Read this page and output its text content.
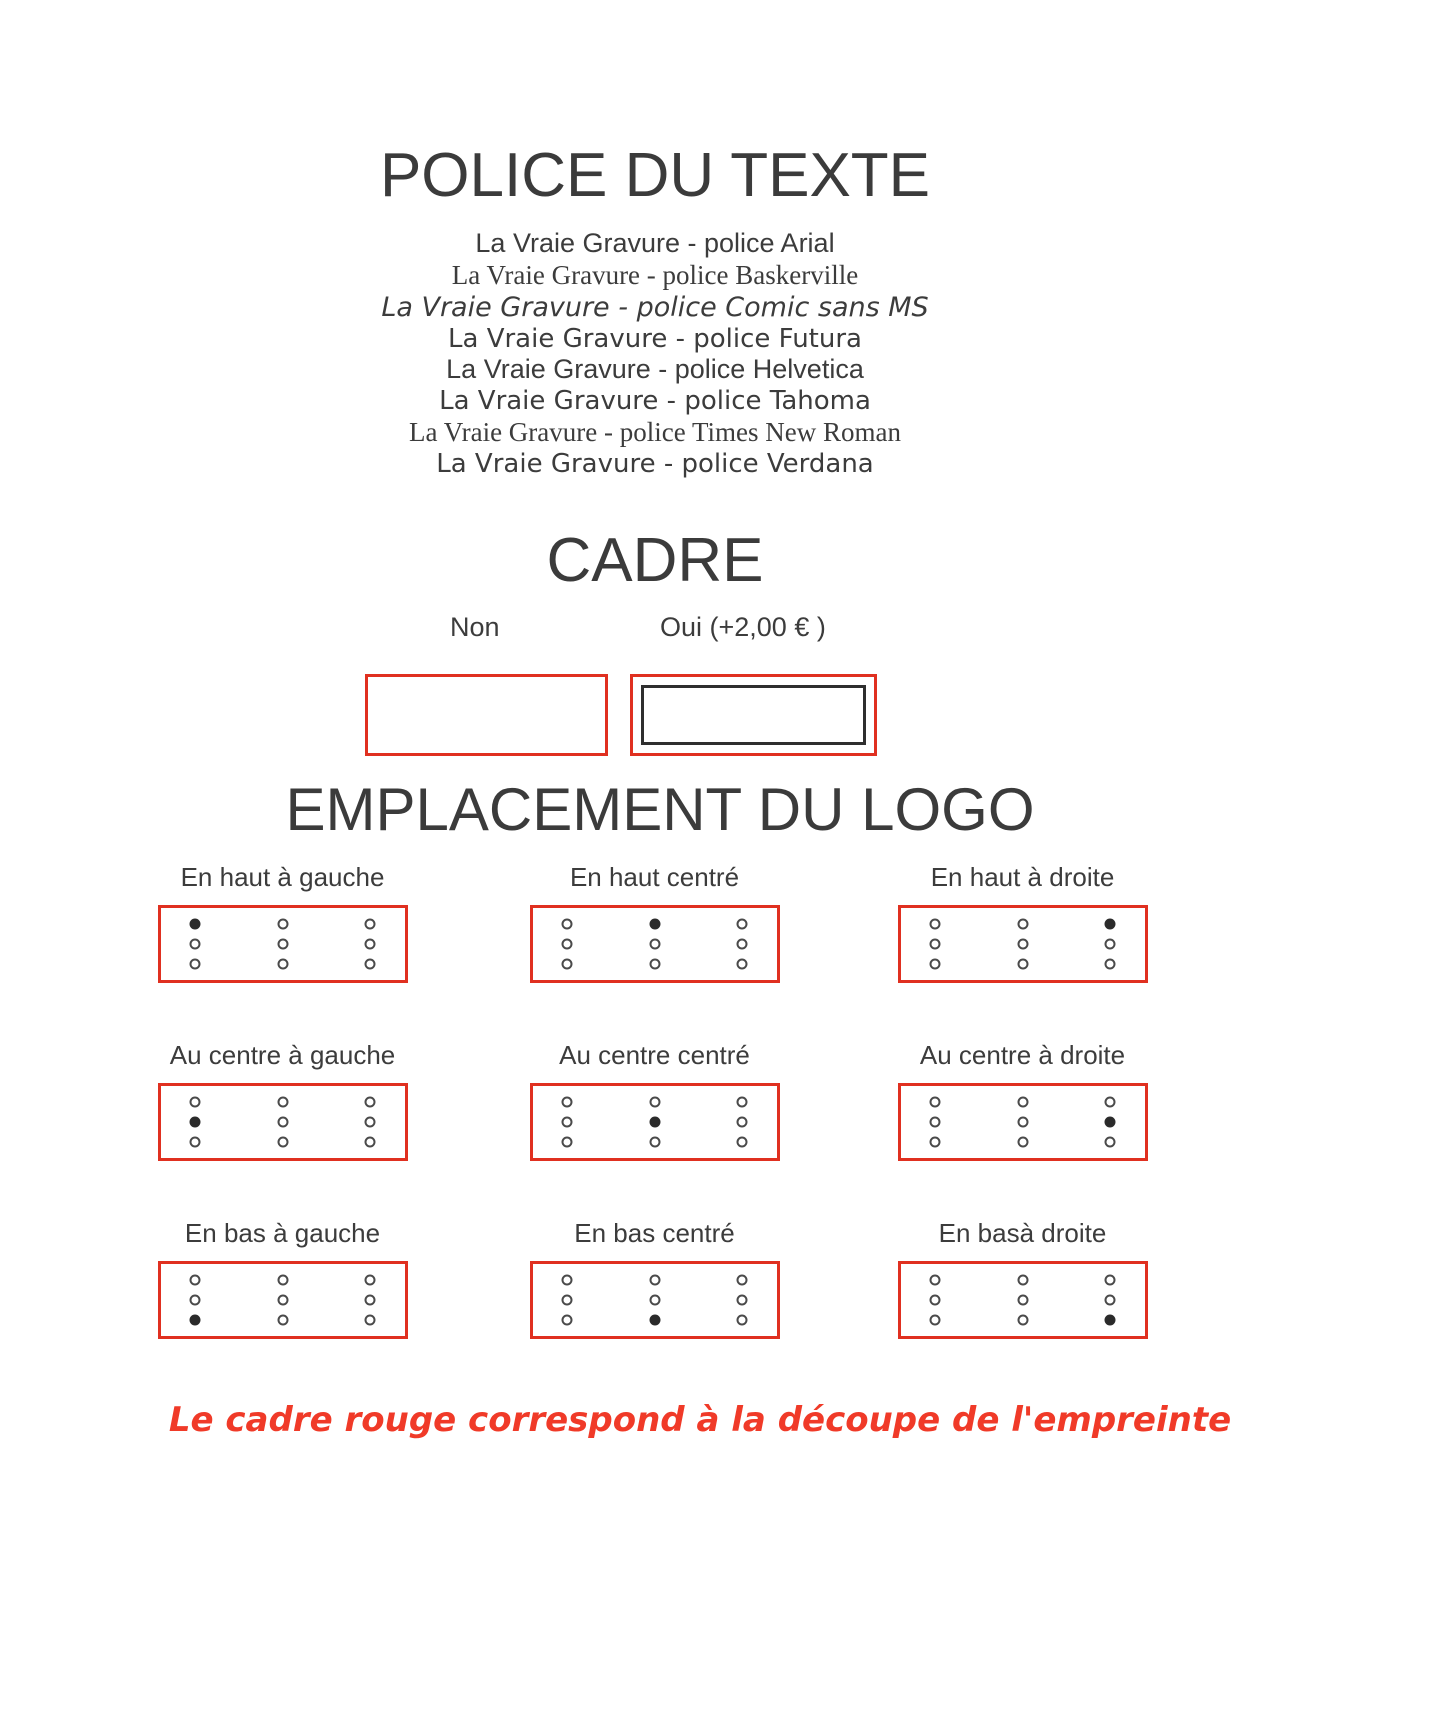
POLICE DU TEXTE
La Vraie Gravure - police Arial
La Vraie Gravure - police Baskerville
La Vraie Gravure - police Comic sans MS
La Vraie Gravure - police Futura
La Vraie Gravure - police Helvetica
La Vraie Gravure - police Tahoma
La Vraie Gravure - police Times New Roman
La Vraie Gravure - police Verdana
CADRE
Non	Oui (+2,00 € )
EMPLACEMENT DU LOGO
En haut à gauche	En haut centré	En haut à droite
Au centre à gauche	Au centre centré	Au centre à droite
En bas à gauche	En bas centré	En basà droite
Le cadre rouge correspond à la découpe de l'empreinte
